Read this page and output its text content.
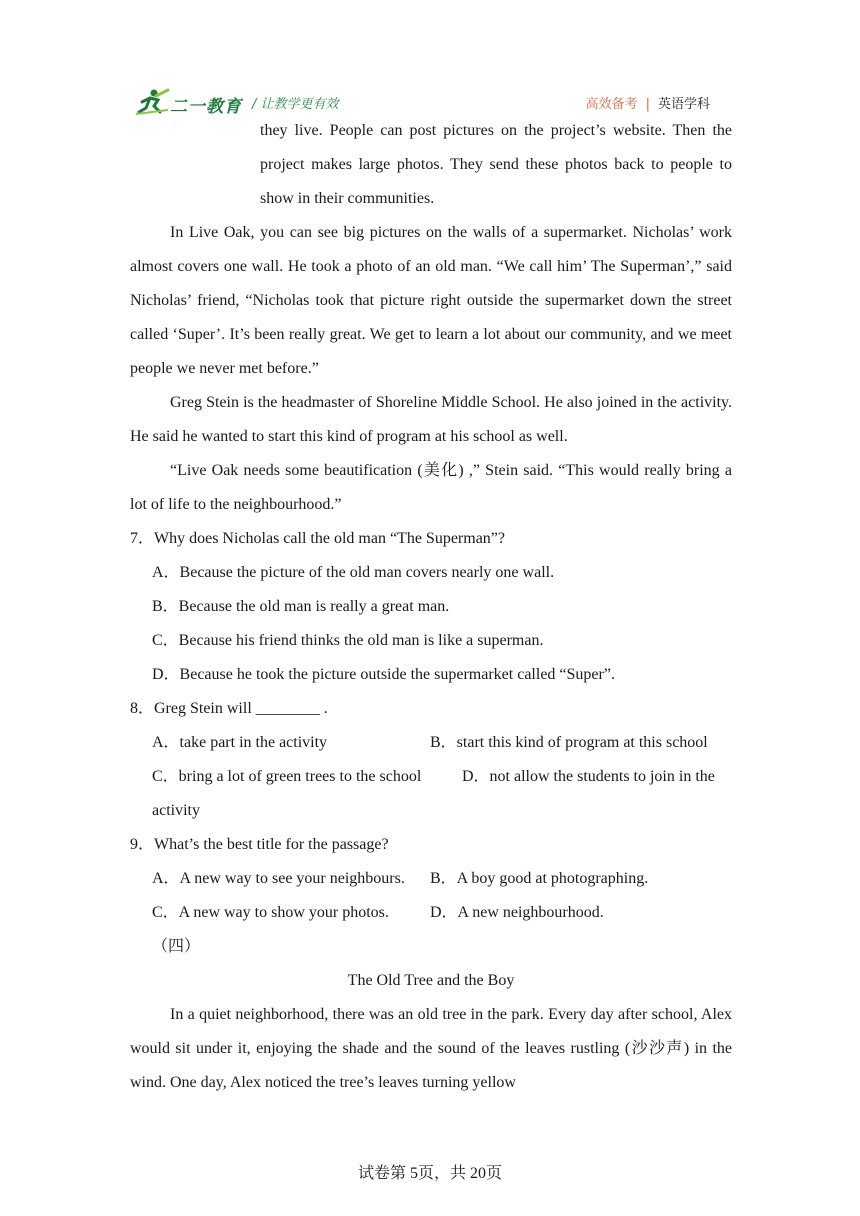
二一教育 / 让教学更有效	高效备考 | 英语学科

they live. People can post pictures on the project’s website. Then the project makes large photos. They send these photos back to people to show in their communities.

In Live Oak, you can see big pictures on the walls of a supermarket. Nicholas’ work almost covers one wall. He took a photo of an old man. “We call him’ The Superman’,” said Nicholas’ friend, “Nicholas took that picture right outside the supermarket down the street called ‘Super’. It’s been really great. We get to learn a lot about our community, and we meet people we never met before.”

Greg Stein is the headmaster of Shoreline Middle School. He also joined in the activity. He said he wanted to start this kind of program at his school as well.

“Live Oak needs some beautification (美化) ,” Stein said. “This would really bring a lot of life to the neighbourhood.”

7．Why does Nicholas call the old man “The Superman”?

A．Because the picture of the old man covers nearly one wall.

B．Because the old man is really a great man.

C．Because his friend thinks the old man is like a superman.

D．Because he took the picture outside the supermarket called “Super”.

8．Greg Stein will ________ .

A．take part in the activity	B．start this kind of program at this school

C．bring a lot of green trees to the school	D．not allow the students to join in the activity

9．What’s the best title for the passage?

A．A new way to see your neighbours.	B．A boy good at photographing.

C．A new way to show your photos.	D．A new neighbourhood.

（四）

The Old Tree and the Boy

In a quiet neighborhood, there was an old tree in the park. Every day after school, Alex would sit under it, enjoying the shade and the sound of the leaves rustling (沙沙声) in the wind. One day, Alex noticed the tree’s leaves turning yellow

试卷第 5页，共 20页
